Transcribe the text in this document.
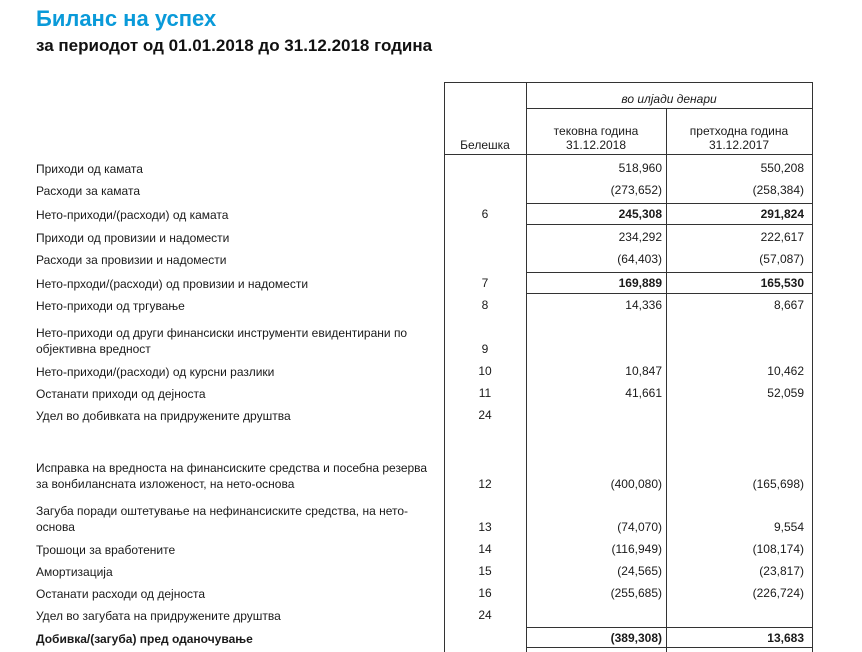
Биланс на успех
за периодот од 01.01.2018 до 31.12.2018 година
во илјади денари
Белешка
тековна година
31.12.2018
претходна година
31.12.2017
Приходи од камата	518,960	550,208
Расходи за камата	(273,652)	(258,384)
Нето-приходи/(расходи) од камата	6	245,308	291,824
Приходи од провизии и надомести	234,292	222,617
Расходи за провизии и надомести	(64,403)	(57,087)
Нето-прходи/(расходи) од провизии и надомести	7	169,889	165,530
Нето-приходи од тргување	8	14,336	8,667
Нето-приходи од други финансиски инструменти евидентирани по објективна вредност	9
Нето-приходи/(расходи) од курсни разлики	10	10,847	10,462
Останати приходи од дејноста	11	41,661	52,059
Удел во добивката на придружените друштва	24
Исправка на вредноста на финансиските средства и посебна резерва за вонбилансната изложеност, на нето-основа	12	(400,080)	(165,698)
Загуба поради оштетување на нефинансиските средства, на нето-основа	13	(74,070)	9,554
Трошоци за вработените	14	(116,949)	(108,174)
Амортизација	15	(24,565)	(23,817)
Останати расходи од дејноста	16	(255,685)	(226,724)
Удел во загубата на придружените друштва	24
Добивка/(загуба) пред оданочување	(389,308)	13,683
